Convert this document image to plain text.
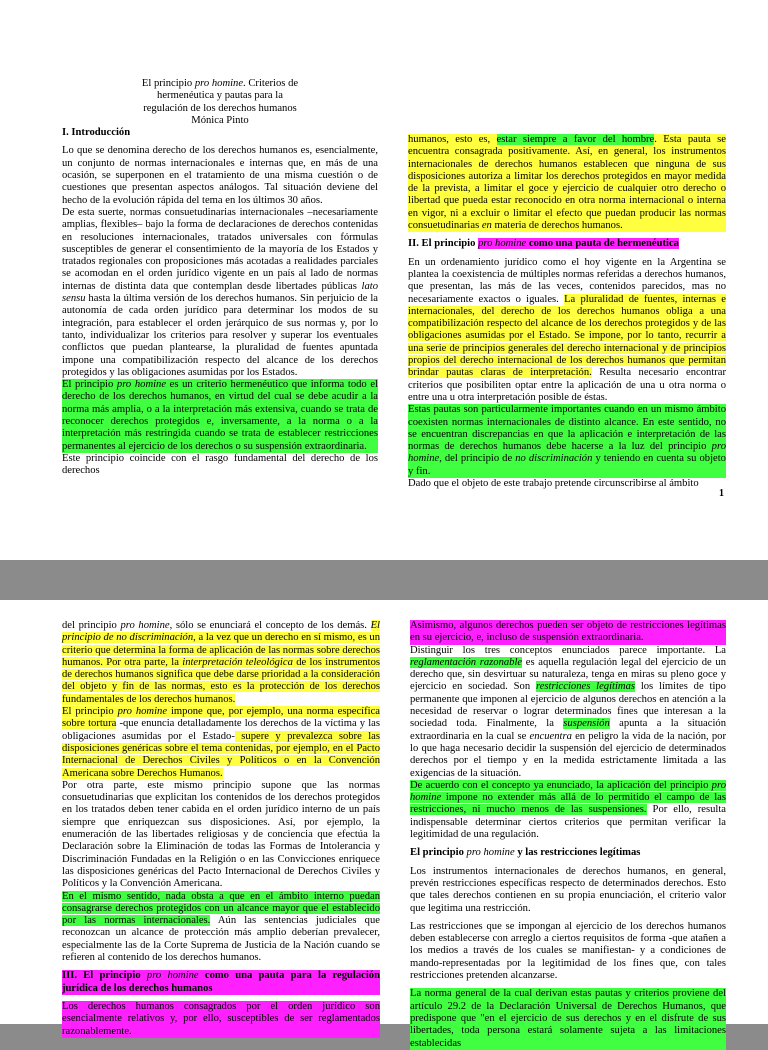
El principio pro homine. Criterios de
hermenéutica y pautas para la
regulación de los derechos humanos
Mónica Pinto

I. Introducción

Lo que se denomina derecho de los derechos humanos es, esencialmente, un conjunto de normas internacionales e internas que, en más de una ocasión, se superponen en el tratamiento de una misma cuestión o de cuestiones que presentan aspectos análogos. Tal situación deviene del hecho de la evolución rápida del tema en los últimos 30 años.

De esta suerte, normas consuetudinarias internacionales –necesariamente amplias, flexibles– bajo la forma de declaraciones de derechos contenidas en resoluciones internacionales, tratados universales con fórmulas susceptibles de generar el consentimiento de la mayoría de los Estados y tratados regionales con proposiciones más acotadas a realidades parciales se acomodan en el orden jurídico vigente en un país al lado de normas internas de distinta data que contemplan desde libertades públicas lato sensu hasta la última versión de los derechos humanos. Sin perjuicio de la autonomía de cada orden jurídico para determinar los modos de su integración, para establecer el orden jerárquico de sus normas y, por lo tanto, individualizar los criterios para resolver y superar los eventuales conflictos que puedan plantearse, la pluralidad de fuentes apuntada impone una compatibilización respecto del alcance de los derechos protegidos y las obligaciones asumidas por los Estados.

El principio pro homine es un criterio hermenéutico que informa todo el derecho de los derechos humanos, en virtud del cual se debe acudir a la norma más amplia, o a la interpretación más extensiva, cuando se trata de reconocer derechos protegidos e, inversamente, a la norma o a la interpretación más restringida cuando se trata de establecer restricciones permanentes al ejercicio de los derechos o su suspensión extraordinaria.

Este principio coincide con el rasgo fundamental del derecho de los derechos

humanos, esto es, estar siempre a favor del hombre. Esta pauta se encuentra consagrada positivamente. Así, en general, los instrumentos internacionales de derechos humanos establecen que ninguna de sus disposiciones autoriza a limitar los derechos protegidos en mayor medida de la prevista, a limitar el goce y ejercicio de cualquier otro derecho o libertad que pueda estar reconocido en otra norma internacional o interna en vigor, ni a excluir o limitar el efecto que puedan producir las normas consuetudinarias en materia de derechos humanos.

II. El principio pro homine como una pauta de hermenéutica

En un ordenamiento jurídico como el hoy vigente en la Argentina se plantea la coexistencia de múltiples normas referidas a derechos humanos, que presentan, las más de las veces, contenidos parecidos, mas no necesariamente exactos o iguales. La pluralidad de fuentes, internas e internacionales, del derecho de los derechos humanos obliga a una compatibilización respecto del alcance de los derechos protegidos y de las obligaciones asumidas por el Estado. Se impone, por lo tanto, recurrir a una serie de principios generales del derecho internacional y de principios propios del derecho internacional de los derechos humanos que permitan brindar pautas claras de interpretación. Resulta necesario encontrar criterios que posibiliten optar entre la aplicación de una u otra norma o entre una u otra interpretación posible de éstas.

Estas pautas son particularmente importantes cuando en un mismo ámbito coexisten normas internacionales de distinto alcance. En este sentido, no se encuentran discrepancias en que la aplicación e interpretación de las normas de derechos humanos debe hacerse a la luz del principio pro homine, del principio de no discriminación y teniendo en cuenta su objeto y fin.

Dado que el objeto de este trabajo pretende circunscribirse al ámbito

1

del principio pro homine, sólo se enunciará el concepto de los demás. El principio de no discriminación, a la vez que un derecho en sí mismo, es un criterio que determina la forma de aplicación de las normas sobre derechos humanos. Por otra parte, la interpretación teleológica de los instrumentos de derechos humanos significa que debe darse prioridad a la consideración del objeto y fin de las normas, esto es la protección de los derechos fundamentales de los derechos humanos.

El principio pro homine impone que, por ejemplo, una norma específica sobre tortura -que enuncia detalladamente los derechos de la víctima y las obligaciones asumidas por el Estado- supere y prevalezca sobre las disposiciones genéricas sobre el tema contenidas, por ejemplo, en el Pacto Internacional de Derechos Civiles y Políticos o en la Convención Americana sobre Derechos Humanos.

Por otra parte, este mismo principio supone que las normas consuetudinarias que explicitan los contenidos de los derechos protegidos en los tratados deben tener cabida en el orden jurídico interno de un país siempre que enriquezcan sus disposiciones. Así, por ejemplo, la enumeración de las libertades religiosas y de conciencia que efectúa la Declaración sobre la Eliminación de todas las Formas de Intolerancia y Discriminación Fundadas en la Religión o en las Convicciones enriquece las disposiciones genéricas del Pacto Internacional de Derechos Civiles y Políticos y la Convención Americana.

En el mismo sentido, nada obsta a que en el ámbito interno puedan consagrarse derechos protegidos con un alcance mayor que el establecido por las normas internacionales. Aún las sentencias judiciales que reconozcan un alcance de protección más amplio deberían prevalecer, especialmente las de la Corte Suprema de Justicia de la Nación cuando se refieren al contenido de los derechos humanos.

III. El principio pro homine como una pauta para la regulación jurídica de los derechos humanos

Los derechos humanos consagrados por el orden jurídico son esencialmente relativos y, por ello, susceptibles de ser reglamentados razonablemente.

Asimismo, algunos derechos pueden ser objeto de restricciones legítimas en su ejercicio, e, incluso de suspensión extraordinaria.

Distinguir los tres conceptos enunciados parece importante. La reglamentación razonable es aquella regulación legal del ejercicio de un derecho que, sin desvirtuar su naturaleza, tenga en miras su pleno goce y ejercicio en sociedad. Son restricciones legítimas los límites de tipo permanente que imponen al ejercicio de algunos derechos en atención a la necesidad de reservar o lograr determinados fines que interesan a la sociedad toda. Finalmente, la suspensión apunta a la situación extraordinaria en la cual se encuentra en peligro la vida de la nación, por lo que haga necesario decidir la suspensión del ejercicio de determinados derechos por el tiempo y en la medida estrictamente limitada a las exigencias de la situación.

De acuerdo con el concepto ya enunciado, la aplicación del principio pro homine impone no extender más allá de lo permitido el campo de las restricciones, ni mucho menos de las suspensiones. Por ello, resulta indispensable determinar ciertos criterios que permitan verificar la legitimidad de una regulación.

El principio pro homine y las restricciones legítimas

Los instrumentos internacionales de derechos humanos, en general, prevén restricciones específicas respecto de determinados derechos. Esto que tales derechos contienen en su propia enunciación, el criterio valor que legitima una restricción.

Las restricciones que se impongan al ejercicio de los derechos humanos deben establecerse con arreglo a ciertos requisitos de forma -que atañen a los medios a través de los cuales se manifiestan- y a condiciones de mando-representadas por la legitimidad de los fines que, con tales restricciones pretenden alcanzarse.

La norma general de la cual derivan estas pautas y criterios proviene del artículo 29.2 de la Declaración Universal de Derechos Humanos, que predispone que "en el ejercicio de sus derechos y en el disfrute de sus libertades, toda persona estará solamente sujeta a las limitaciones establecidas
